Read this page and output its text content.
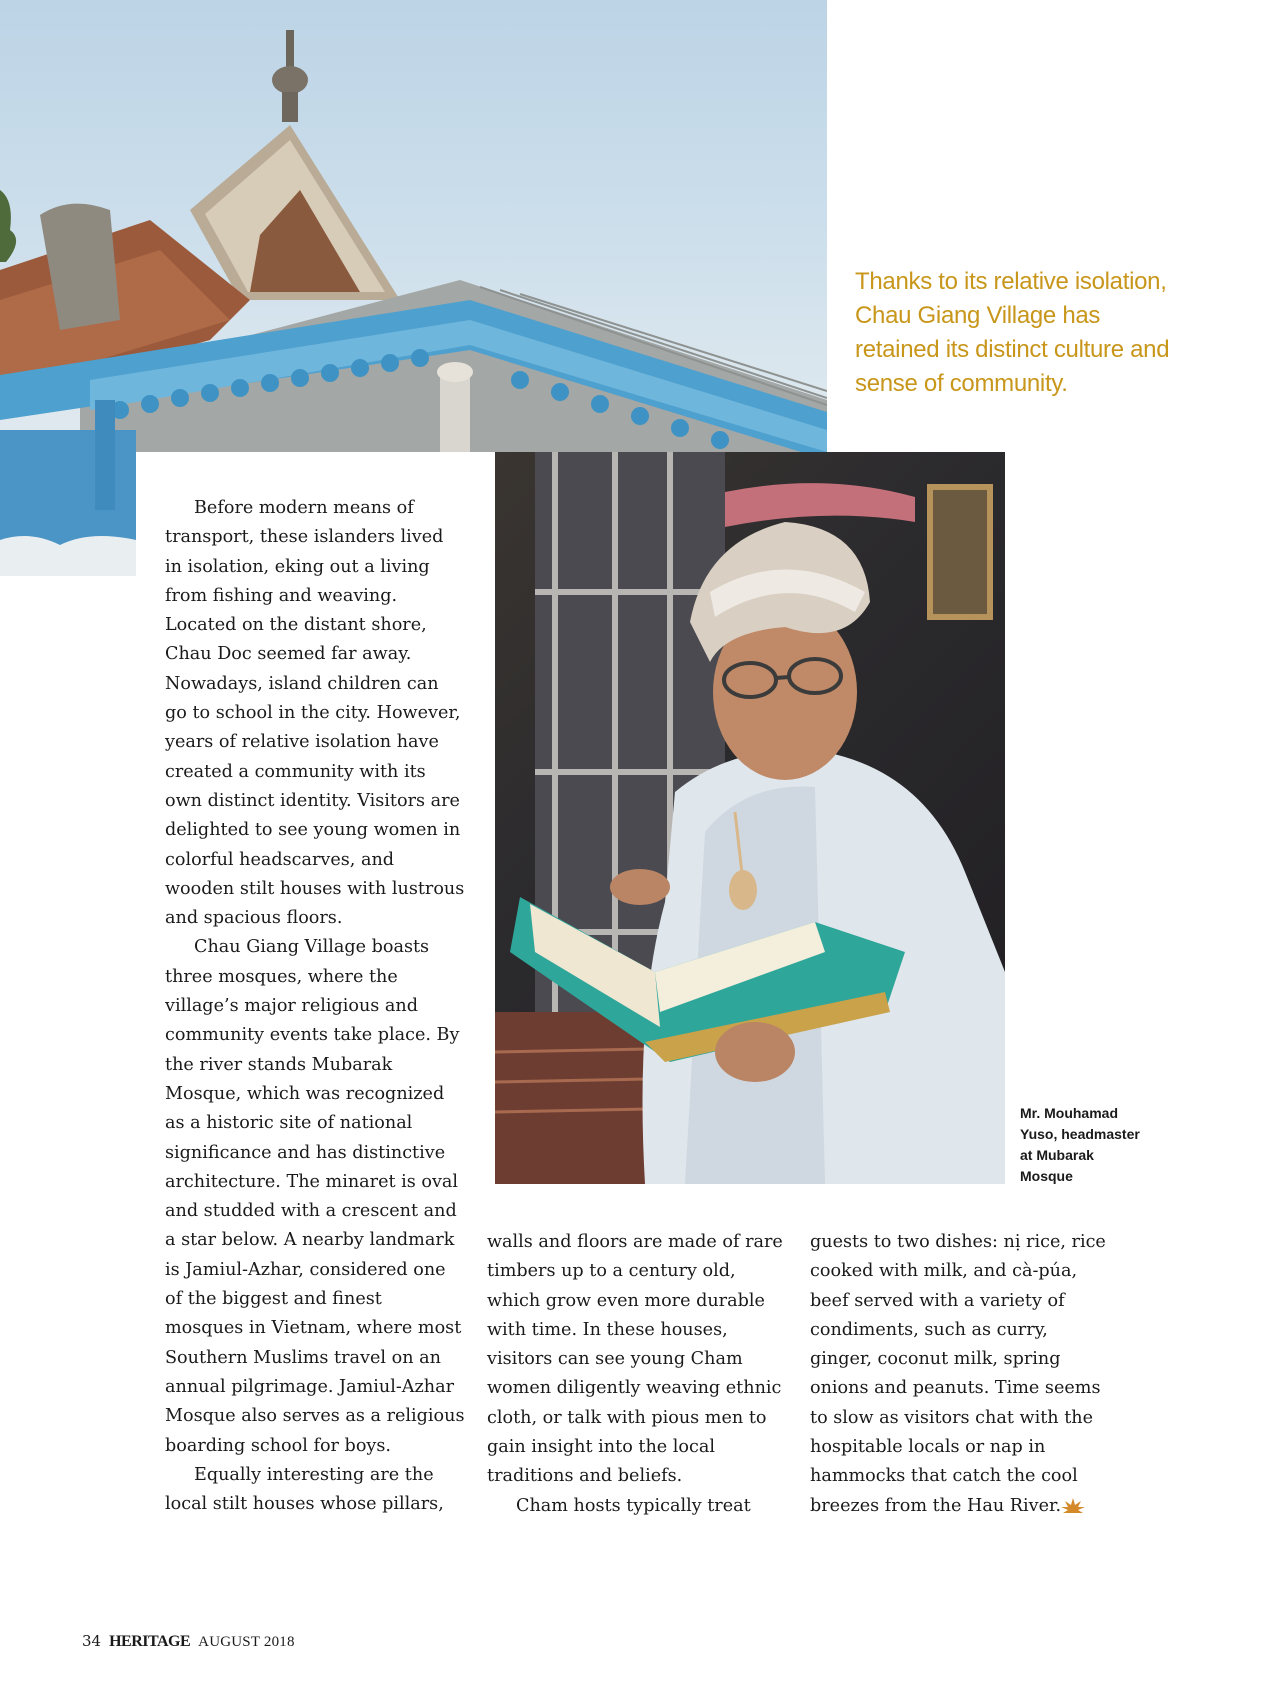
Thanks to its relative isolation, Chau Giang Village has retained its distinct culture and sense of community.
Mr. Mouhamad Yuso, headmaster at Mubarak Mosque

Before modern means of transport, these islanders lived in isolation, eking out a living from fishing and weaving. Located on the distant shore, Chau Doc seemed far away. Nowadays, island children can go to school in the city. However, years of relative isolation have created a community with its own distinct identity. Visitors are delighted to see young women in colorful headscarves, and wooden stilt houses with lustrous and spacious floors.

Chau Giang Village boasts three mosques, where the village’s major religious and community events take place. By the river stands Mubarak Mosque, which was recognized as a historic site of national significance and has distinctive architecture. The minaret is oval and studded with a crescent and a star below. A nearby landmark is Jamiul-Azhar, considered one of the biggest and finest mosques in Vietnam, where most Southern Muslims travel on an annual pilgrimage. Jamiul-Azhar Mosque also serves as a religious boarding school for boys.

Equally interesting are the local stilt houses whose pillars,

walls and floors are made of rare timbers up to a century old, which grow even more durable with time. In these houses, visitors can see young Cham women diligently weaving ethnic cloth, or talk with pious men to gain insight into the local traditions and beliefs.

Cham hosts typically treat

guests to two dishes: nị rice, rice cooked with milk, and cà-púa, beef served with a variety of condiments, such as curry, ginger, coconut milk, spring onions and peanuts. Time seems to slow as visitors chat with the hospitable locals or nap in hammocks that catch the cool breezes from the Hau River.

34 HERITAGE AUGUST 2018
